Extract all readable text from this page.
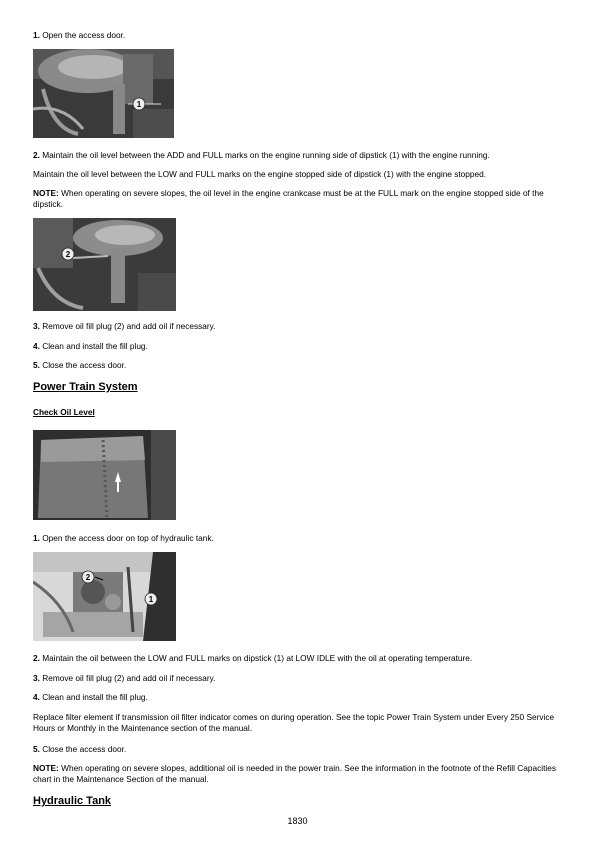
1. Open the access door.

1

2. Maintain the oil level between the ADD and FULL marks on the engine running side of dipstick (1) with the engine running.

Maintain the oil level between the LOW and FULL marks on the engine stopped side of dipstick (1) with the engine stopped.

NOTE: When operating on severe slopes, the oil level in the engine crankcase must be at the FULL mark on the engine stopped side of the dipstick.

2

3. Remove oil fill plug (2) and add oil if necessary.

4. Clean and install the fill plug.

5. Close the access door.

Power Train System
Check Oil Level

1. Open the access door on top of hydraulic tank.

2
1

2. Maintain the oil between the LOW and FULL marks on dipstick (1) at LOW IDLE with the oil at operating temperature.

3. Remove oil fill plug (2) and add oil if necessary.

4. Clean and install the fill plug.

Replace filter element if transmission oil filter indicator comes on during operation. See the topic Power Train System under Every 250 Service Hours or Monthly in the Maintenance section of the manual.

5. Close the access door.

NOTE: When operating on severe slopes, additional oil is needed in the power train. See the information in the footnote of the Refill Capacities chart in the Maintenance Section of the manual.

Hydraulic Tank
1830
